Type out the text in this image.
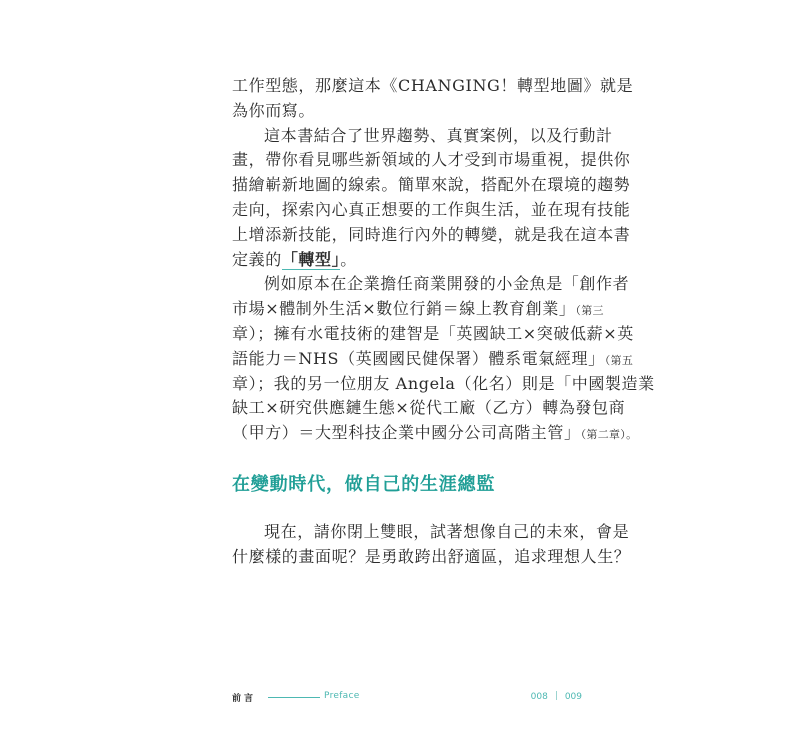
工作型態，那麼這本《CHANGING！轉型地圖》就是
為你而寫。
這本書結合了世界趨勢、真實案例，以及行動計
畫，帶你看見哪些新領域的人才受到市場重視，提供你
描繪嶄新地圖的線索。簡單來說，搭配外在環境的趨勢
走向，探索內心真正想要的工作與生活，並在現有技能
上增添新技能，同時進行內外的轉變，就是我在這本書
定義的「轉型」。
例如原本在企業擔任商業開發的小金魚是「創作者
市場×體制外生活×數位行銷＝線上教育創業」（第三
章）；擁有水電技術的建智是「英國缺工×突破低薪×英
語能力＝NHS（英國國民健保署）體系電氣經理」（第五
章）；我的另一位朋友 Angela（化名）則是「中國製造業
缺工×研究供應鏈生態×從代工廠（乙方）轉為發包商
（甲方）＝大型科技企業中國分公司高階主管」（第二章）。
在變動時代，做自己的生涯總監
現在，請你閉上雙眼，試著想像自己的未來，會是
什麼樣的畫面呢？是勇敢跨出舒適區，追求理想人生？
前言	Preface	008 009
